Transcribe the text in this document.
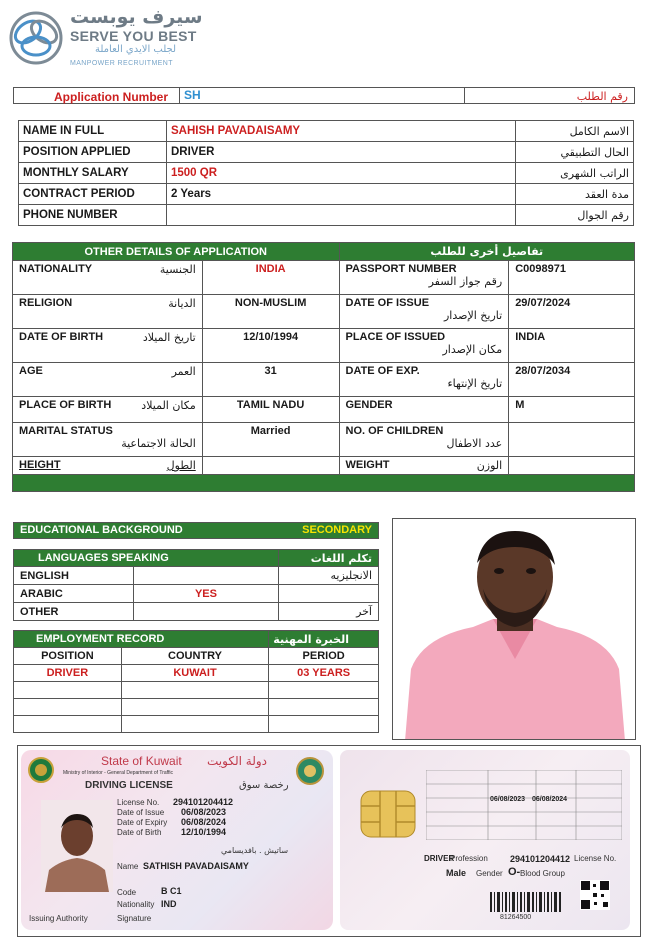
سيرف يوبست
SERVE YOU BEST
لجلب الايدي العاملة
MANPOWER RECRUITMENT
Application Number	SH	رقم الطلب
NAME IN FULL	SAHISH PAVADAISAMY	الاسم الكامل
POSITION APPLIED	DRIVER	الحال التطبيقي
MONTHLY SALARY	1500 QR	الراتب الشهرى
CONTRACT PERIOD	2 Years	مدة العقد
PHONE NUMBER		رقم الجوال
OTHER DETAILS OF APPLICATION		تفاصيل أخرى للطلب	

NATIONALITY الجنسية	INDIA	PASSPORT NUMBER
رقم جواز السفر	C0098971

RELIGION الديانة	NON-MUSLIM	DATE OF ISSUE
تاريخ الإصدار	29/07/2024

DATE OF BIRTH تاريخ الميلاد	12/10/1994	PLACE OF ISSUED
مكان الإصدار	INDIA

AGE العمر	31	DATE OF EXP.
تاريخ الإنتهاء	28/07/2034

PLACE OF BIRTH مكان الميلاد	TAMIL NADU	GENDER	M

MARITAL STATUS
الحالة الاجتماعية	Married	NO. OF CHILDREN
عدد الاطفال	

HEIGHT الطول		WEIGHT الوزن	

EDUCATIONAL BACKGROUND	SECONDARY
LANGUAGES SPEAKING		تكلم اللغات
ENGLISH		الانجليزيه
ARABIC	YES	
OTHER		آخر
EMPLOYMENT RECORD		الخبرة المهنية
POSITION	COUNTRY	PERIOD
DRIVER	KUWAIT	03 YEARS

State of Kuwait دولة الكويت
Ministry of Interior - General Department of Traffic
DRIVING LICENSE	رخصة سوق
License No. 294101204412
Date of Issue 06/08/2023
Date of Expiry 06/08/2024
Date of Birth 12/10/1994
ساتيش . بافديسامي
Name SATHISH PAVADAISAMY
Code	B C1
Nationality IND
Issuing Authority	Signature
Profession
DRIVER	294101204412 License No.
Male Gender O- Blood Group
06/08/2023 06/08/2024
81264500
